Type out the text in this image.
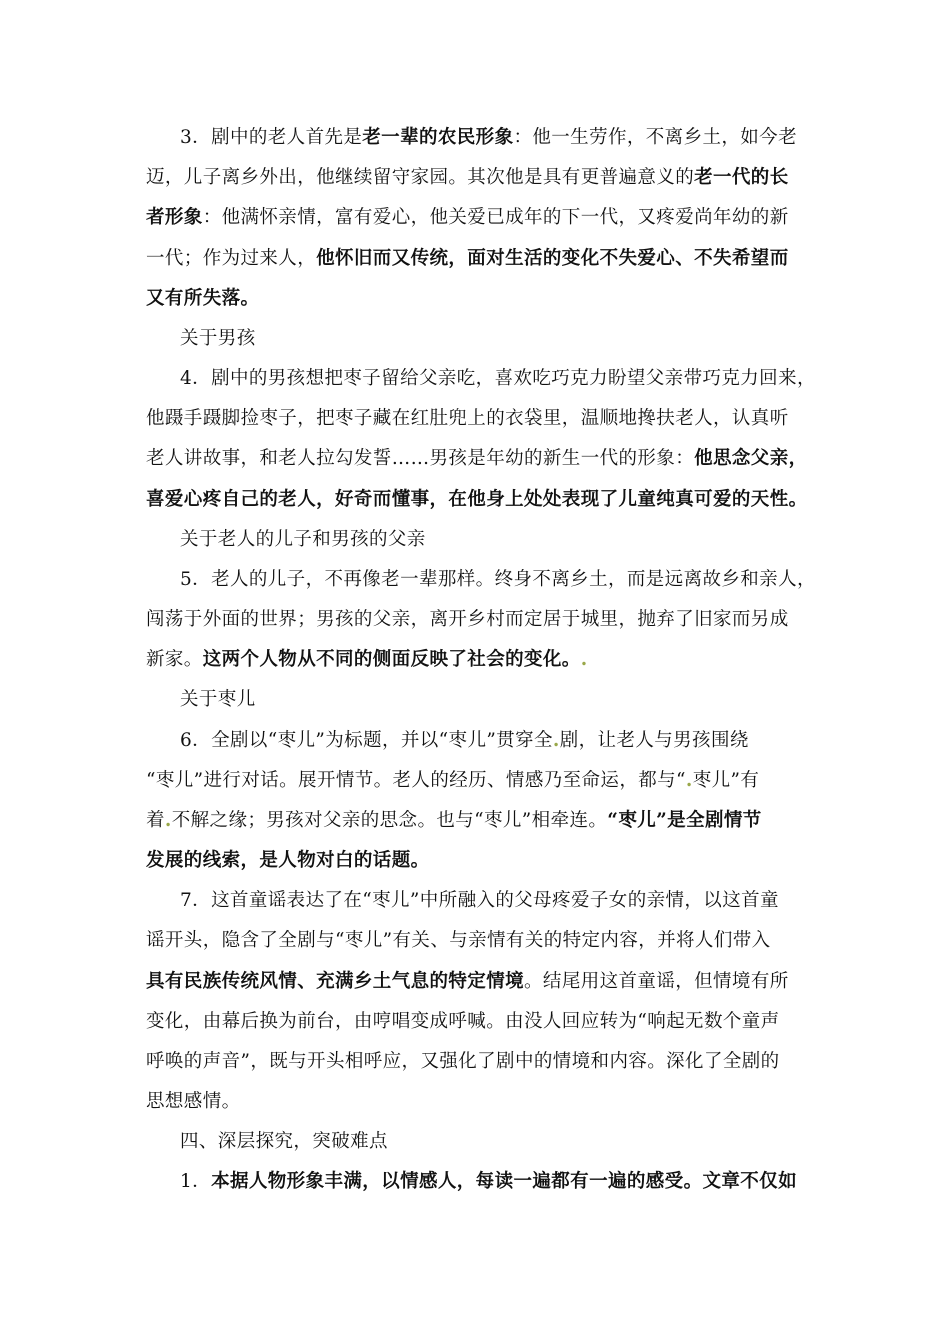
3．剧中的老人首先是老一辈的农民形象：他一生劳作，不离乡土，如今老
迈，儿子离乡外出，他继续留守家园。其次他是具有更普遍意义的老一代的长
者形象：他满怀亲情，富有爱心，他关爱已成年的下一代，又疼爱尚年幼的新
一代；作为过来人，他怀旧而又传统，面对生活的变化不失爱心、不失希望而
又有所失落。
关于男孩
4．剧中的男孩想把枣子留给父亲吃，喜欢吃巧克力盼望父亲带巧克力回来，
他蹑手蹑脚捡枣子，把枣子藏在红肚兜上的衣袋里，温顺地搀扶老人，认真听
老人讲故事，和老人拉勾发誓……男孩是年幼的新生一代的形象：他思念父亲，
喜爱心疼自己的老人，好奇而懂事，在他身上处处表现了儿童纯真可爱的天性。
关于老人的儿子和男孩的父亲
5．老人的儿子，不再像老一辈那样。终身不离乡土，而是远离故乡和亲人，
闯荡于外面的世界；男孩的父亲，离开乡村而定居于城里，抛弃了旧家而另成
新家。这两个人物从不同的侧面反映了社会的变化。.
关于枣儿
6．全剧以“枣儿”为标题，并以“枣儿”贯穿全.剧，让老人与男孩围绕
“枣儿”进行对话。展开情节。老人的经历、情感乃至命运，都与“.枣儿”有
着.不解之缘；男孩对父亲的思念。也与“枣儿”相牵连。“枣儿”是全剧情节
发展的线索，是人物对白的话题。
7．这首童谣表达了在“枣儿”中所融入的父母疼爱子女的亲情，以这首童
谣开头，隐含了全剧与“枣儿”有关、与亲情有关的特定内容，并将人们带入
具有民族传统风情、充满乡土气息的特定情境。结尾用这首童谣，但情境有所
变化，由幕后换为前台，由哼唱变成呼喊。由没人回应转为“响起无数个童声
呼唤的声音”，既与开头相呼应，又强化了剧中的情境和内容。深化了全剧的
思想感情。
四、深层探究，突破难点
1．本据人物形象丰满，以情感人，每读一遍都有一遍的感受。文章不仅如
